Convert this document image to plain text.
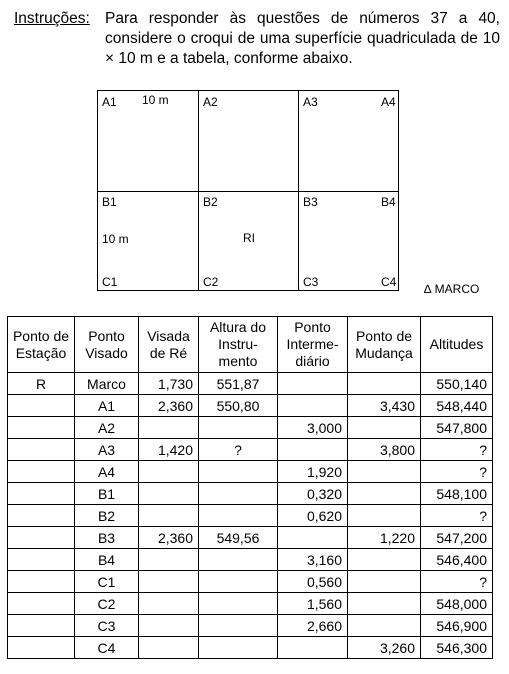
Instruções: Para responder às questões de números 37 a 40, considere o croqui de uma superfície quadriculada de 10 × 10 m e a tabela, conforme abaixo.
A1 10 m	A2	A3	A4
B1	B2	B3	B4
10 m	RI
C1	C2	C3	C4 ∆ MARCO
Ponto de Estação	Ponto Visado	Visada de Ré	Altura do Instru-mento	Ponto Interme-diário	Ponto de Mudança	Altitudes
R	Marco	1,730	551,87			550,140
	A1	2,360	550,80		3,430	548,440
	A2			3,000		547,800
	A3	1,420	?		3,800	?
	A4			1,920		?
	B1			0,320		548,100
	B2			0,620		?
	B3	2,360	549,56		1,220	547,200
	B4			3,160		546,400
	C1			0,560		?
	C2			1,560		548,000
	C3			2,660		546,900
	C4				3,260	546,300
